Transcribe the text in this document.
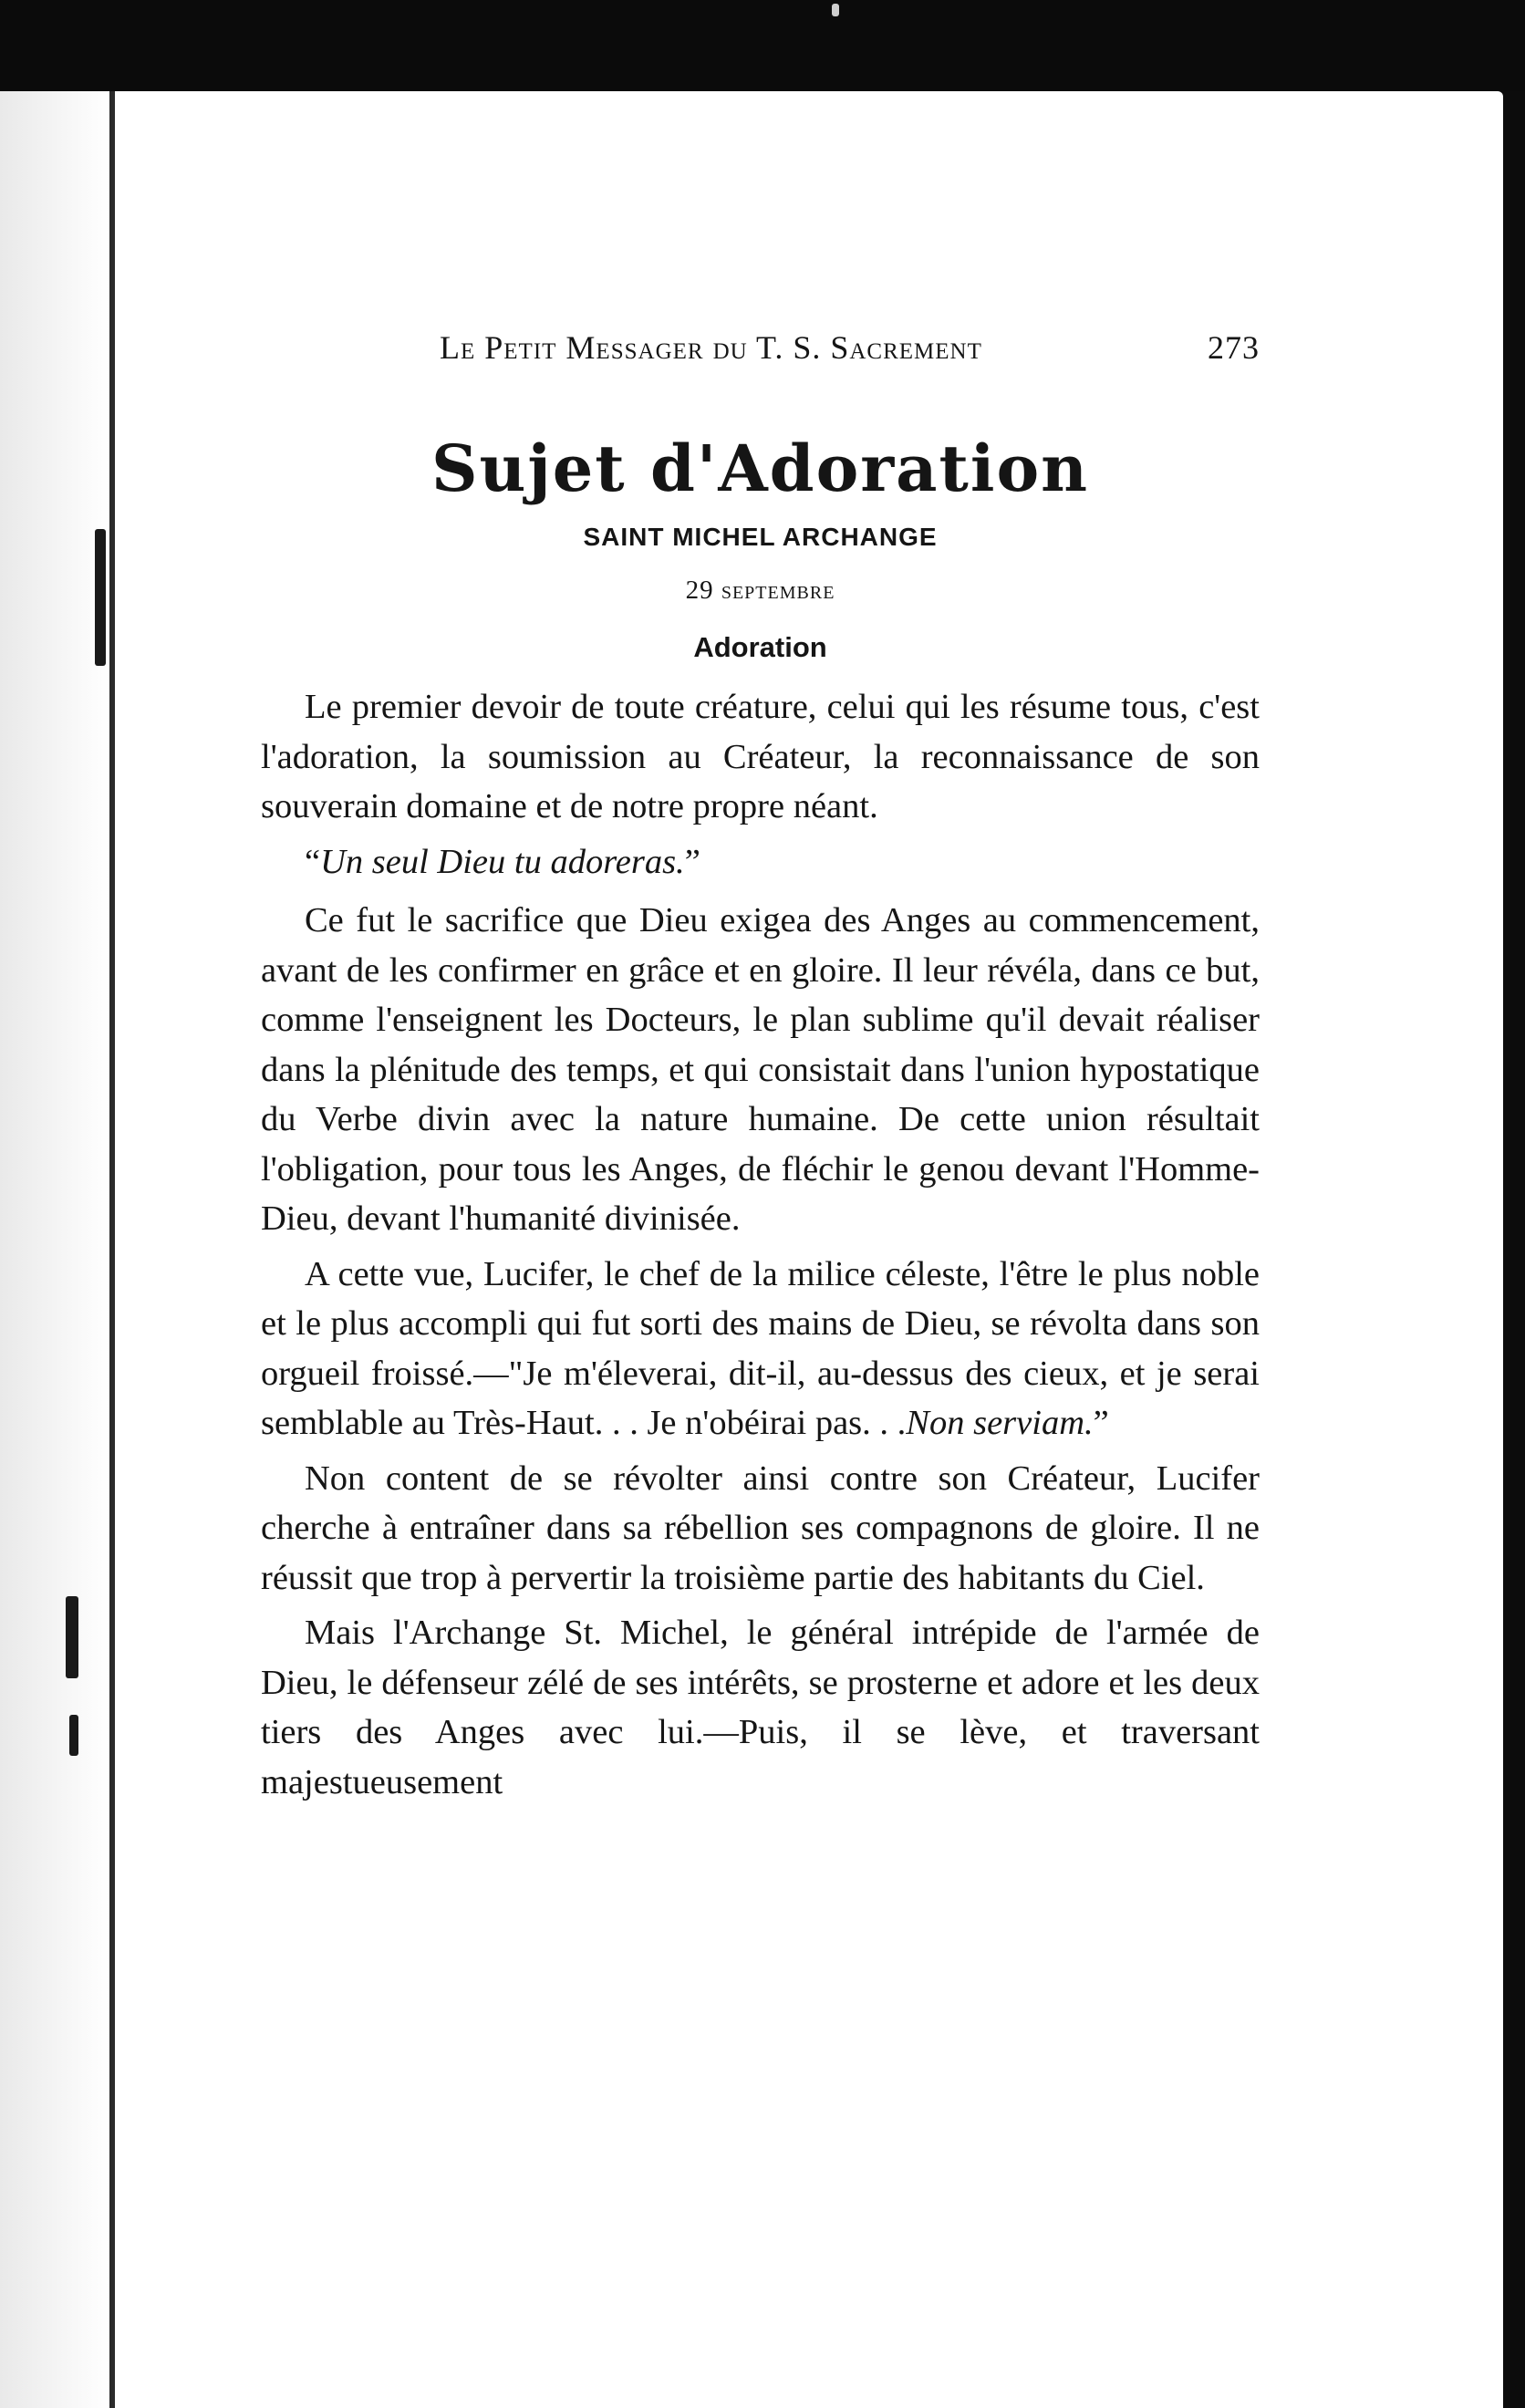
Le Petit Messager du T. S. Sacrement	273
Sujet d'Adoration
SAINT MICHEL ARCHANGE
29 septembre
Adoration

Le premier devoir de toute créature, celui qui les résume tous, c'est l'adoration, la soumission au Créateur, la reconnaissance de son souverain domaine et de notre propre néant.

“Un seul Dieu tu adoreras.”

Ce fut le sacrifice que Dieu exigea des Anges au commencement, avant de les confirmer en grâce et en gloire. Il leur révéla, dans ce but, comme l'enseignent les Docteurs, le plan sublime qu'il devait réaliser dans la plénitude des temps, et qui consistait dans l'union hypostatique du Verbe divin avec la nature humaine. De cette union résultait l'obligation, pour tous les Anges, de fléchir le genou devant l'Homme-Dieu, devant l'humanité divinisée.

A cette vue, Lucifer, le chef de la milice céleste, l'être le plus noble et le plus accompli qui fut sorti des mains de Dieu, se révolta dans son orgueil froissé.—"Je m'éleverai, dit-il, au-dessus des cieux, et je serai semblable au Très-Haut. . . Je n'obéirai pas. . .Non serviam.”

Non content de se révolter ainsi contre son Créateur, Lucifer cherche à entraîner dans sa rébellion ses compagnons de gloire. Il ne réussit que trop à pervertir la troisième partie des habitants du Ciel.

Mais l'Archange St. Michel, le général intrépide de l'armée de Dieu, le défenseur zélé de ses intérêts, se prosterne et adore et les deux tiers des Anges avec lui.—Puis, il se lève, et traversant majestueusement
